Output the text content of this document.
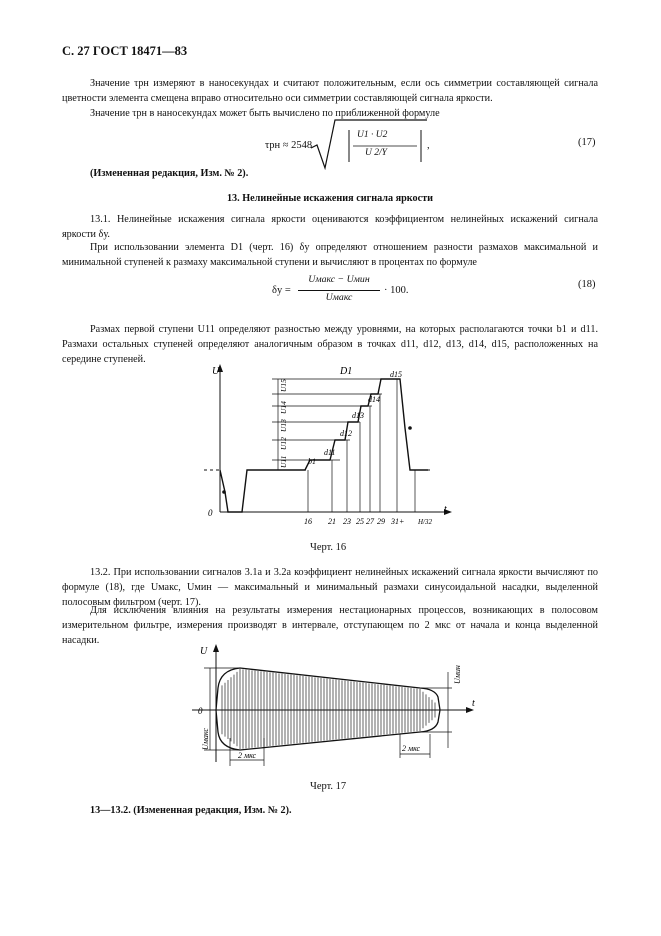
С. 27 ГОСТ 18471—83
Значение τрн измеряют в наносекундах и считают положительным, если ось симметрии составляющей сигнала цветности элемента смещена вправо относительно оси симметрии составляющей сигнала яркости.
Значение τрн в наносекундах может быть вычислено по приближенной формуле
τрн ≈ 2548
U1 · U2
U 2/Y
,	(17)
(Измененная редакция, Изм. № 2).
13. Нелинейные искажения сигнала яркости
13.1. Нелинейные искажения сигнала яркости оцениваются коэффициентом нелинейных искажений сигнала яркости δу.
При использовании элемента D1 (черт. 16) δу определяют отношением разности размахов максимальной и минимальной ступеней к размаху максимальной ступени и вычисляют в процентах по формуле
δу =
Uмакс − Uмин
Uмакс
· 100.
(18)
Размах первой ступени U11 определяют разностью между уровнями, на которых располагаются точки b1 и d11. Размахи остальных ступеней определяют аналогичным образом в точках d11, d12, d13, d14, d15, расположенных на середине ступеней.
U
t
0
D1
U11
U12
U13
U14
U15
b1
d11
d12
d13
d14
d15
16 21 23 25 27 29 31+ H/32
Черт. 16
13.2. При использовании сигналов 3.1а и 3.2а коэффициент нелинейных искажений сигнала яркости вычисляют по формуле (18), где Uмакс, Uмин — максимальный и минимальный размахи синусоидальной насадки, выделенной полосовым фильтром (черт. 17).
Для исключения влияния на результаты измерения нестационарных процессов, возникающих в полосовом измерительном фильтре, измерения производят в интервале, отступающем по 2 мкс от начала и конца выделенной насадки.
U
t
0
Uмакс
Uмин
2 мкс
2 мкс
Черт. 17
13—13.2. (Измененная редакция, Изм. № 2).
